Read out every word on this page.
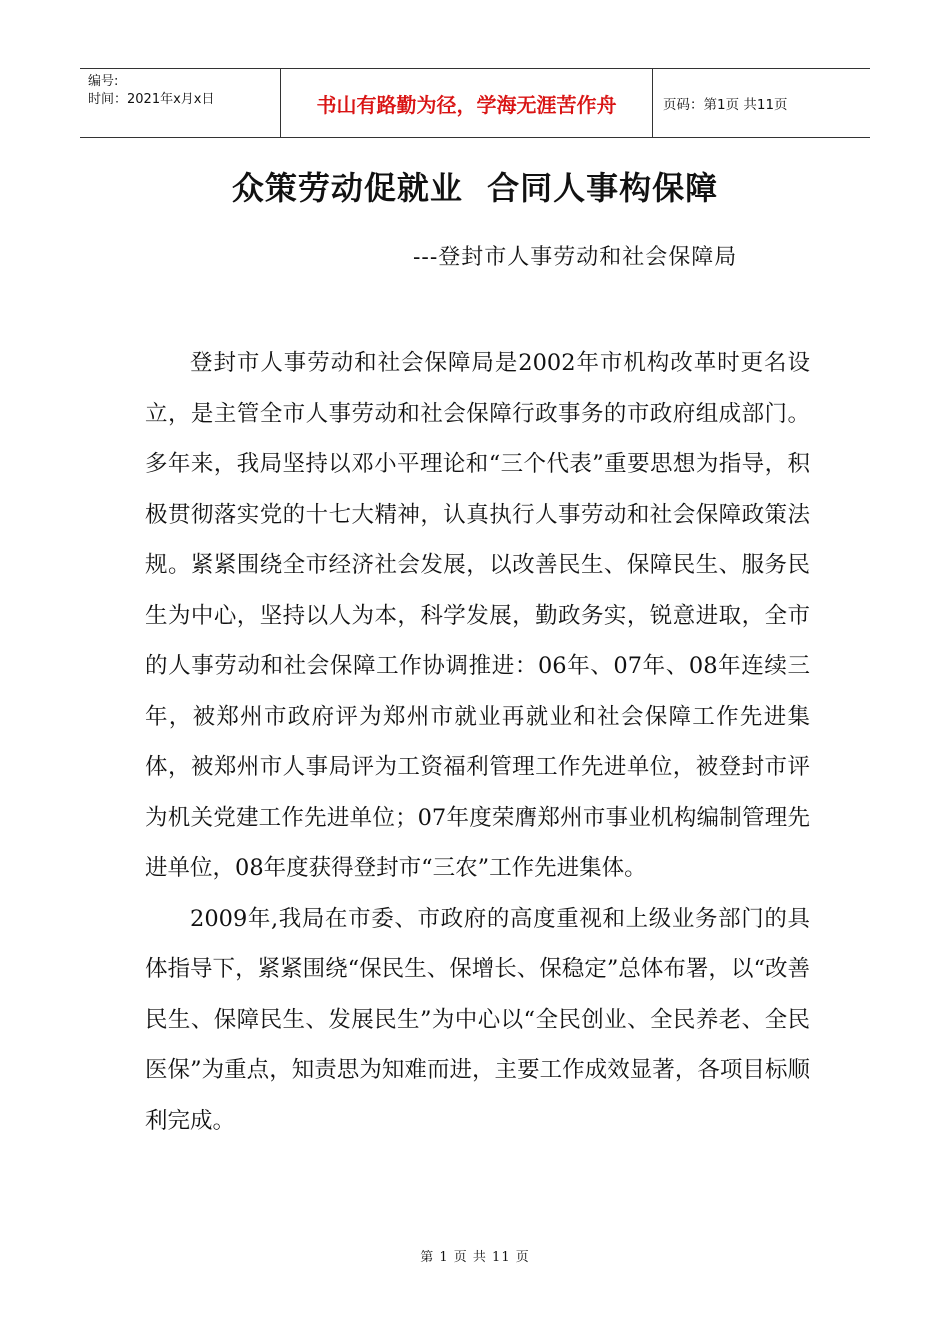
编号:
时间：2021年x月x日	书山有路勤为径，学海无涯苦作舟	页码：第1页 共11页
众策劳动促就业  合同人事构保障
---登封市人事劳动和社会保障局

登封市人事劳动和社会保障局是2002年市机构改革时更名设立，是主管全市人事劳动和社会保障行政事务的市政府组成部门。多年来，我局坚持以邓小平理论和“三个代表”重要思想为指导，积极贯彻落实党的十七大精神，认真执行人事劳动和社会保障政策法规。紧紧围绕全市经济社会发展，以改善民生、保障民生、服务民生为中心，坚持以人为本，科学发展，勤政务实，锐意进取，全市的人事劳动和社会保障工作协调推进：06年、07年、08年连续三年，被郑州市政府评为郑州市就业再就业和社会保障工作先进集体，被郑州市人事局评为工资福利管理工作先进单位，被登封市评为机关党建工作先进单位；07年度荣膺郑州市事业机构编制管理先进单位，08年度获得登封市“三农”工作先进集体。

2009年,我局在市委、市政府的高度重视和上级业务部门的具体指导下，紧紧围绕“保民生、保增长、保稳定”总体布署，以“改善民生、保障民生、发展民生”为中心以“全民创业、全民养老、全民医保”为重点，知责思为知难而进，主要工作成效显著，各项目标顺利完成。

第 1 页 共 11 页
